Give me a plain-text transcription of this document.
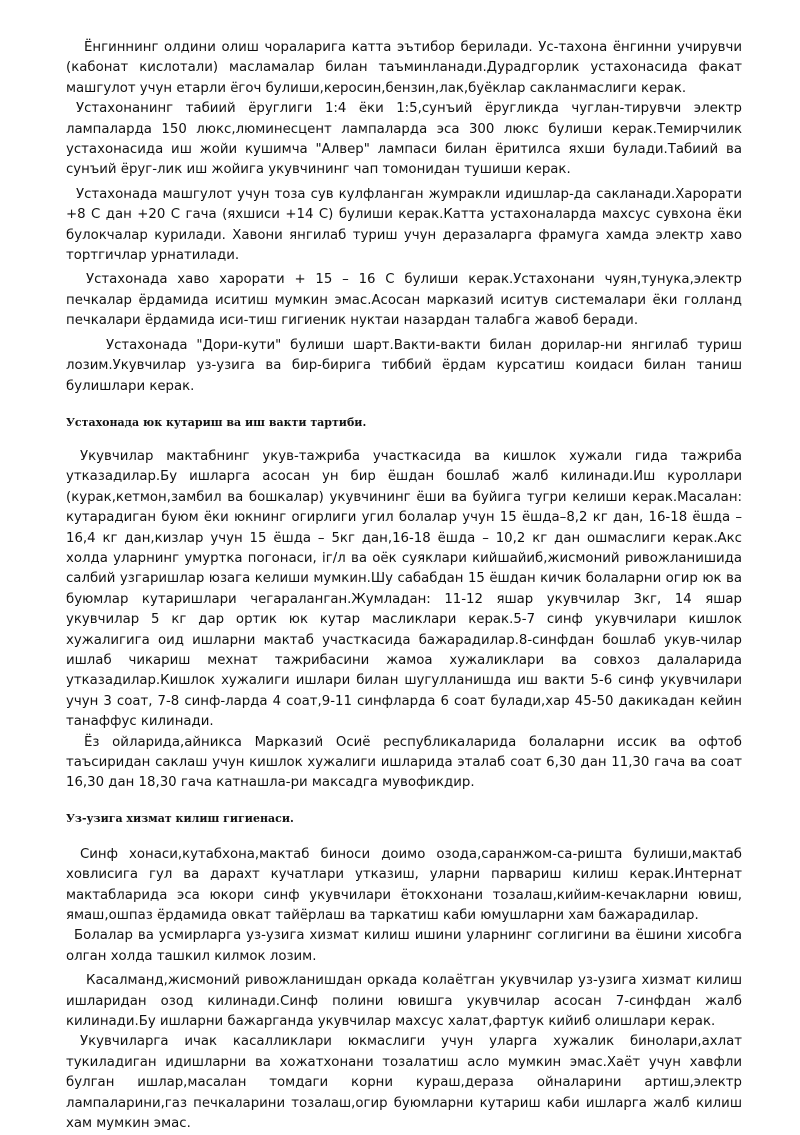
Ёнгиннинг олдини олиш чораларига катта эътибор берилади. Ус-тахона ёнгинни учирувчи (кабонат кислотали) масламалар билан таъминланади.Дурадгорлик устахонасида факат машгулот учун етарли ёгоч булиши,керосин,бензин,лак,буёклар сакланмаслиги керак.

Устахонанинг табиий ёруглиги 1:4 ёки 1:5,сунъий ёругликда чуглан-тирувчи электр лампаларда 150 люкс,люминесцент лампаларда эса 300 люкс булиши керак.Темирчилик устахонасида иш жойи кушимча "Алвер" лампаси билан ёритилса яхши булади.Табиий ва сунъий ёруг-лик иш жойига укувчининг чап томонидан тушиши керак.

Устахонада машгулот учун тоза сув кулфланган жумракли идишлар-да сакланади.Харорати +8 С дан +20 С гача (яхшиси +14 С) булиши керак.Катта устахоналарда махсус сувхона ёки булокчалар курилади. Хавони янгилаб туриш учун деразаларга фрамуга хамда электр хаво тортгичлар урнатилади.

Устахонада хаво харорати + 15 – 16 С булиши керак.Устахонани чуян,тунука,электр печкалар ёрдамида иситиш мумкин эмас.Асосан марказий иситув системалари ёки голланд печкалари ёрдамида иси-тиш гигиеник нуктаи назардан талабга жавоб беради.

Устахонада "Дори-кути" булиши шарт.Вакти-вакти билан дорилар-ни янгилаб туриш лозим.Укувчилар уз-узига ва бир-бирига тиббий ёрдам курсатиш коидаси билан таниш булишлари керак.

Устахонада юк кутариш ва иш вакти тартиби.

Укувчилар мактабнинг укув-тажриба участкасида ва кишлок хужали гида тажриба утказадилар.Бу ишларга асосан ун бир ёшдан бошлаб жалб килинади.Иш куроллари (курак,кетмон,замбил ва бошкалар) укувчининг ёши ва буйига тугри келиши керак.Масалан: кутарадиган буюм ёки юкнинг огирлиги угил болалар учун 15 ёшда–8,2 кг дан, 16-18 ёшда – 16,4 кг дан,кизлар учун 15 ёшда – 5кг дан,16-18 ёшда – 10,2 кг дан ошмаслиги керак.Акс холда уларнинг умуртка погонаси, iг/л ва оёк суяклари кийшайиб,жисмоний ривожланишида салбий узгаришлар юзага келиши мумкин.Шу сабабдан 15 ёшдан кичик болаларни огир юк ва буюмлар кутаришлари чегараланган.Жумладан: 11-12 яшар укувчилар 3кг, 14 яшар укувчилар 5 кг дар ортик юк кутар масликлари керак.5-7 синф укувчилари кишлок хужалигига оид ишларни мактаб участкасида бажарадилар.8-синфдан бошлаб укув-чилар ишлаб чикариш мехнат тажрибасини жамоа хужаликлари ва совхоз далаларида утказадилар.Кишлок хужалиги ишлари билан шугулланишда иш вакти 5-6 синф укувчилари учун 3 соат, 7-8 синф-ларда 4 соат,9-11 синфларда 6 соат булади,хар 45-50 дакикадан кейин танаффус килинади.

Ёз ойларида,айникса Марказий Осиё республикаларида болаларни иссик ва офтоб таъсиридан саклаш учун кишлок хужалиги ишларида эталаб соат 6,30 дан 11,30 гача ва соат 16,30 дан 18,30 гача катнашла-ри максадга мувофикдир.

Уз-узига хизмат килиш гигиенаси.

Синф хонаси,кутабхона,мактаб биноси доимо озода,саранжом-са-ришта булиши,мактаб ховлисига гул ва дарахт кучатлари утказиш, уларни парвариш килиш керак.Интернат мактабларида эса юкори синф укувчилари ётокхонани тозалаш,кийим-кечакларни ювиш, ямаш,ошпаз ёрдамида овкат тайёрлаш ва таркатиш каби юмушларни хам бажарадилар.

Болалар ва усмирларга уз-узига хизмат килиш ишини уларнинг соглигини ва ёшини хисобга олган холда ташкил килмок лозим.

Касалманд,жисмоний ривожланишдан оркада колаётган укувчилар уз-узига хизмат килиш ишларидан озод килинади.Синф полини ювишга укувчилар асосан 7-синфдан жалб килинади.Бу ишларни бажарганда укувчилар махсус халат,фартук кийиб олишлари керак.

Укувчиларга ичак касалликлари юкмаслиги учун уларга хужалик бинолари,ахлат тукиладиган идишларни ва хожатхонани тозалатиш асло мумкин эмас.Хаёт учун хавфли булган ишлар,масалан томдаги корни кураш,дераза ойналарини артиш,электр лампаларини,газ печкаларини тозалаш,огир буюмларни кутариш каби ишларга жалб килиш хам мумкин эмас.
